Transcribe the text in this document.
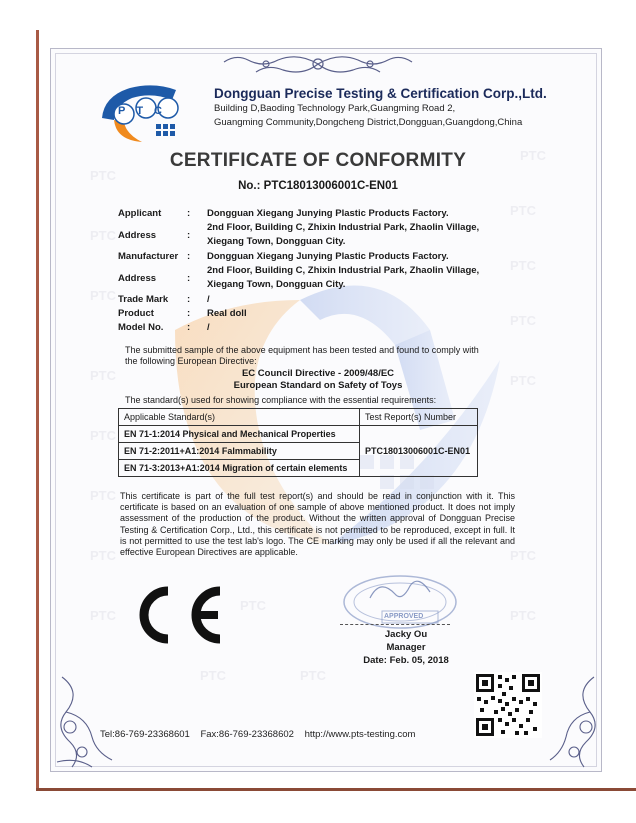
PTC
PTC
PTC
PTC
PTC
PTC
PTC
PTC
PTC
PTC
PTC
PTC
PTC	PTC
PTC
PTC
PTC
PTC
PTC
Dongguan Precise Testing & Certification Corp.,Ltd.
Building D,Baoding Technology Park,Guangming Road 2,
Guangming Community,Dongcheng District,Dongguan,Guangdong,China
CERTIFICATE OF CONFORMITY
No.: PTC18013006001C-EN01
Applicant	: Dongguan Xiegang Junying Plastic Products Factory.
Address	:
2nd Floor, Building C, Zhixin Industrial Park, Zhaolin Village,
Xiegang Town, Dongguan City.
Manufacturer : Dongguan Xiegang Junying Plastic Products Factory.
Address	:
2nd Floor, Building C, Zhixin Industrial Park, Zhaolin Village,
Xiegang Town, Dongguan City.
Trade Mark : /
Product	: Real doll
Model No. : /
The submitted sample of the above equipment has been tested and found to comply with
the following European Directive:
EC Council Directive - 2009/48/EC
European Standard on Safety of Toys
The standard(s) used for showing compliance with the essential requirements:
Applicable Standard(s)	Test Report(s) Number
EN 71-1:2014 Physical and Mechanical Properties	PTC18013006001C-EN01
EN 71-2:2011+A1:2014 Falmmability	
EN 71-3:2013+A1:2014 Migration of certain elements	
This certificate is part of the full test report(s) and should be read in conjunction with it. This certificate is based on an evaluation of one sample of above mentioned product. It does not imply assessment of the production of the product. Without the written approval of Dongguan Precise Testing & Certification Corp., Ltd., this certificate is not permitted to be reproduced, except in full. It is not permitted to use the test lab's logo. The CE marking may only be used if all the relevant and effective European Directives are applicable.
APPROVED
Jacky Ou
Manager
Date: Feb. 05, 2018
Tel:86-769-23368601 Fax:86-769-23368602 http://www.pts-testing.com
